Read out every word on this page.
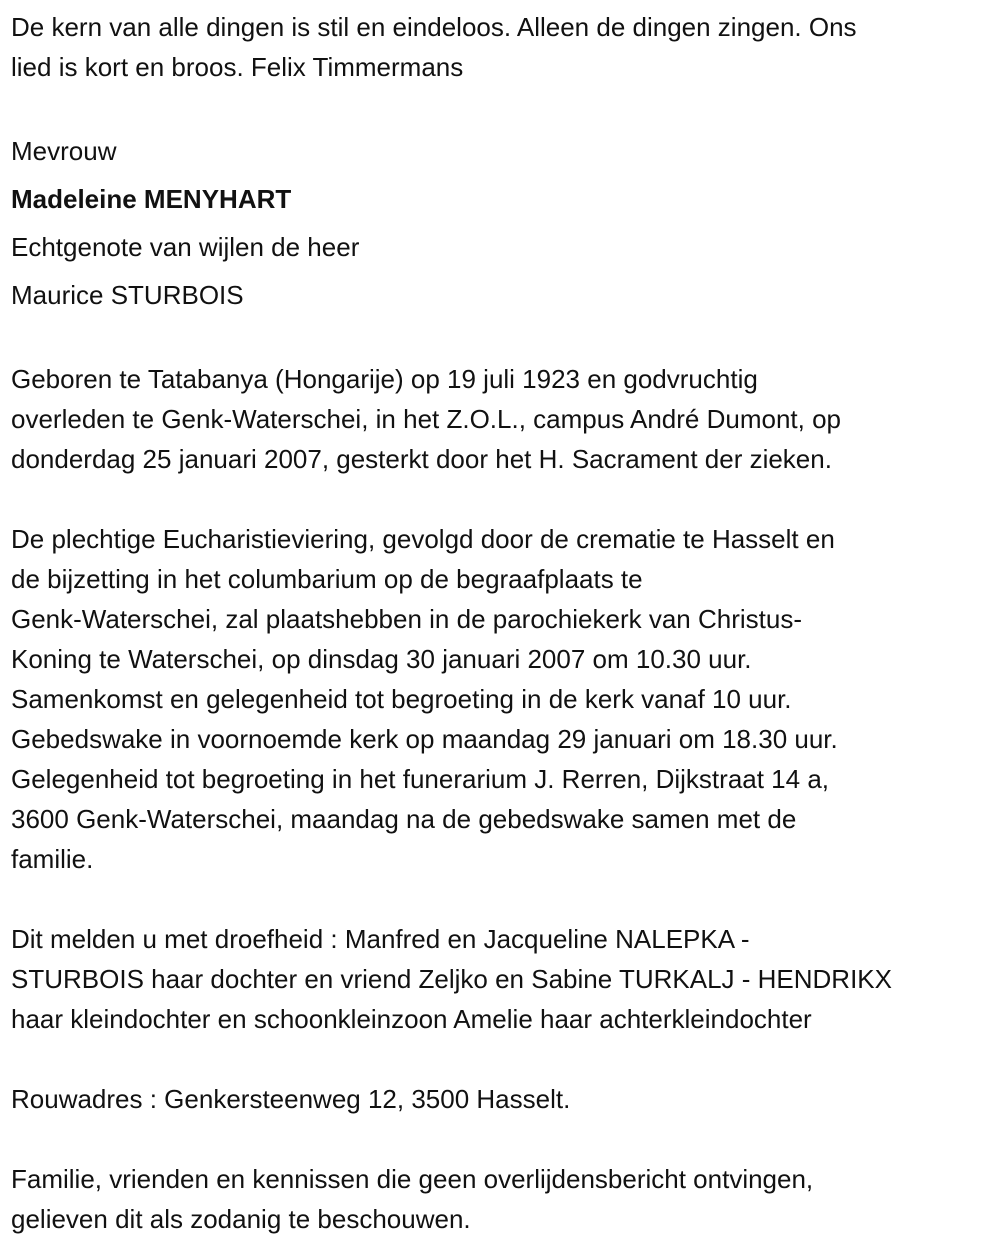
De kern van alle dingen is stil en eindeloos. Alleen de dingen zingen. Ons
lied is kort en broos. Felix Timmermans
Mevrouw
Madeleine MENYHART
Echtgenote van wijlen de heer
Maurice STURBOIS
Geboren te Tatabanya (Hongarije) op 19 juli 1923 en godvruchtig
overleden te Genk-Waterschei, in het Z.O.L., campus André Dumont, op
donderdag 25 januari 2007, gesterkt door het H. Sacrament der zieken.
De plechtige Eucharistieviering, gevolgd door de crematie te Hasselt en
de bijzetting in het columbarium op de begraafplaats te
Genk-Waterschei, zal plaatshebben in de parochiekerk van Christus-
Koning te Waterschei, op dinsdag 30 januari 2007 om 10.30 uur.
Samenkomst en gelegenheid tot begroeting in de kerk vanaf 10 uur.
Gebedswake in voornoemde kerk op maandag 29 januari om 18.30 uur.
Gelegenheid tot begroeting in het funerarium J. Rerren, Dijkstraat 14 a,
3600 Genk-Waterschei, maandag na de gebedswake samen met de
familie.
Dit melden u met droefheid : Manfred en Jacqueline NALEPKA -
STURBOIS haar dochter en vriend Zeljko en Sabine TURKALJ - HENDRIKX
haar kleindochter en schoonkleinzoon Amelie haar achterkleindochter
Rouwadres : Genkersteenweg 12, 3500 Hasselt.
Familie, vrienden en kennissen die geen overlijdensbericht ontvingen,
gelieven dit als zodanig te beschouwen.
